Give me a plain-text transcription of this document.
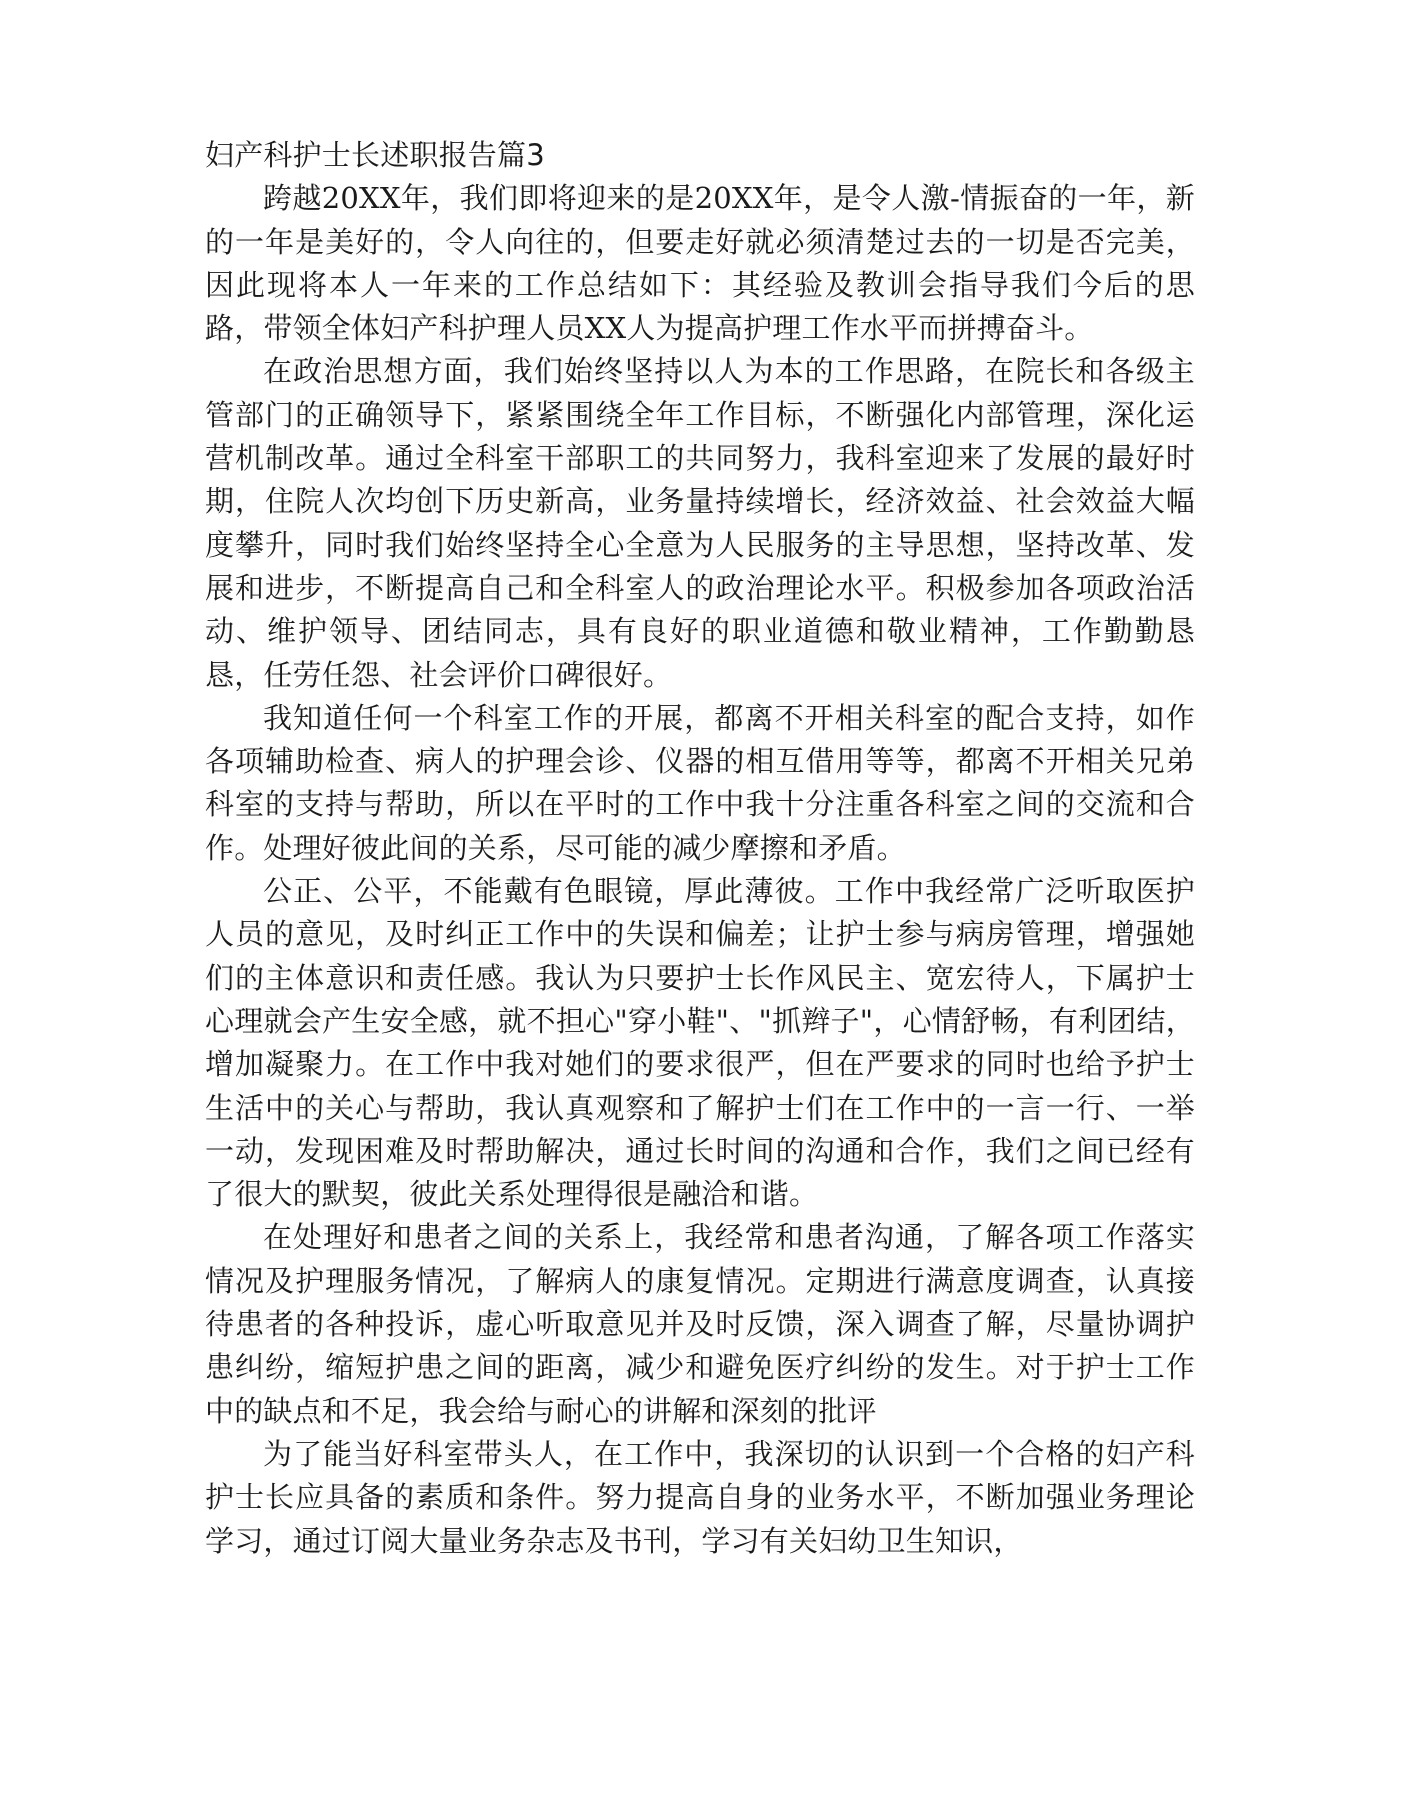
妇产科护士长述职报告篇3

跨越20XX年，我们即将迎来的是20XX年，是令人激-情振奋的一年，新的一年是美好的，令人向往的，但要走好就必须清楚过去的一切是否完美，因此现将本人一年来的工作总结如下：其经验及教训会指导我们今后的思路，带领全体妇产科护理人员XX人为提高护理工作水平而拼搏奋斗。

在政治思想方面，我们始终坚持以人为本的工作思路，在院长和各级主管部门的正确领导下，紧紧围绕全年工作目标，不断强化内部管理，深化运营机制改革。通过全科室干部职工的共同努力，我科室迎来了发展的最好时期，住院人次均创下历史新高，业务量持续增长，经济效益、社会效益大幅度攀升，同时我们始终坚持全心全意为人民服务的主导思想，坚持改革、发展和进步，不断提高自己和全科室人的政治理论水平。积极参加各项政治活动、维护领导、团结同志，具有良好的职业道德和敬业精神，工作勤勤恳恳，任劳任怨、社会评价口碑很好。

我知道任何一个科室工作的开展，都离不开相关科室的配合支持，如作各项辅助检查、病人的护理会诊、仪器的相互借用等等，都离不开相关兄弟科室的支持与帮助，所以在平时的工作中我十分注重各科室之间的交流和合作。处理好彼此间的关系，尽可能的减少摩擦和矛盾。

公正、公平，不能戴有色眼镜，厚此薄彼。工作中我经常广泛听取医护人员的意见，及时纠正工作中的失误和偏差；让护士参与病房管理，增强她们的主体意识和责任感。我认为只要护士长作风民主、宽宏待人，下属护士心理就会产生安全感，就不担心"穿小鞋"、"抓辫子"，心情舒畅，有利团结，增加凝聚力。在工作中我对她们的要求很严，但在严要求的同时也给予护士生活中的关心与帮助，我认真观察和了解护士们在工作中的一言一行、一举一动，发现困难及时帮助解决，通过长时间的沟通和合作，我们之间已经有了很大的默契，彼此关系处理得很是融洽和谐。

在处理好和患者之间的关系上，我经常和患者沟通，了解各项工作落实情况及护理服务情况，了解病人的康复情况。定期进行满意度调查，认真接待患者的各种投诉，虚心听取意见并及时反馈，深入调查了解，尽量协调护患纠纷，缩短护患之间的距离，减少和避免医疗纠纷的发生。对于护士工作中的缺点和不足，我会给与耐心的讲解和深刻的批评

为了能当好科室带头人，在工作中，我深切的认识到一个合格的妇产科护士长应具备的素质和条件。努力提高自身的业务水平，不断加强业务理论学习，通过订阅大量业务杂志及书刊，学习有关妇幼卫生知识，
